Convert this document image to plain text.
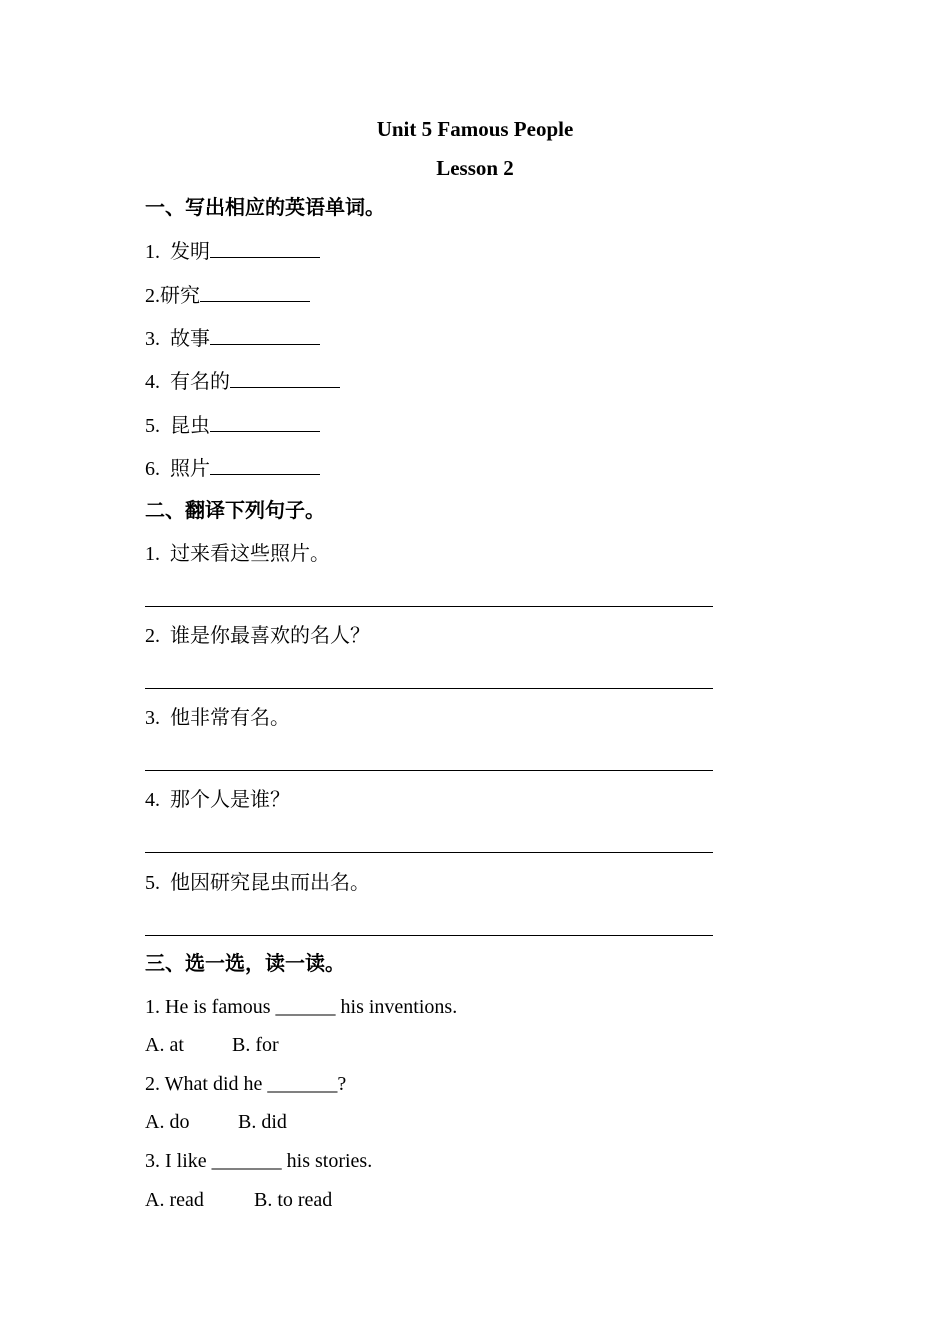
Unit 5 Famous People
Lesson 2
一、写出相应的英语单词。
1.  发明
2.研究
3.  故事
4.  有名的
5.  昆虫
6.  照片
二、翻译下列句子。
1.  过来看这些照片。
2.  谁是你最喜欢的名人？
3.  他非常有名。
4.  那个人是谁？
5.  他因研究昆虫而出名。
三、选一选，读一读。
1. He is famous ______ his inventions.
A. at B. for
2. What did he _______?
A. do B. did
3. I like _______ his stories.
A. read	B. to read
